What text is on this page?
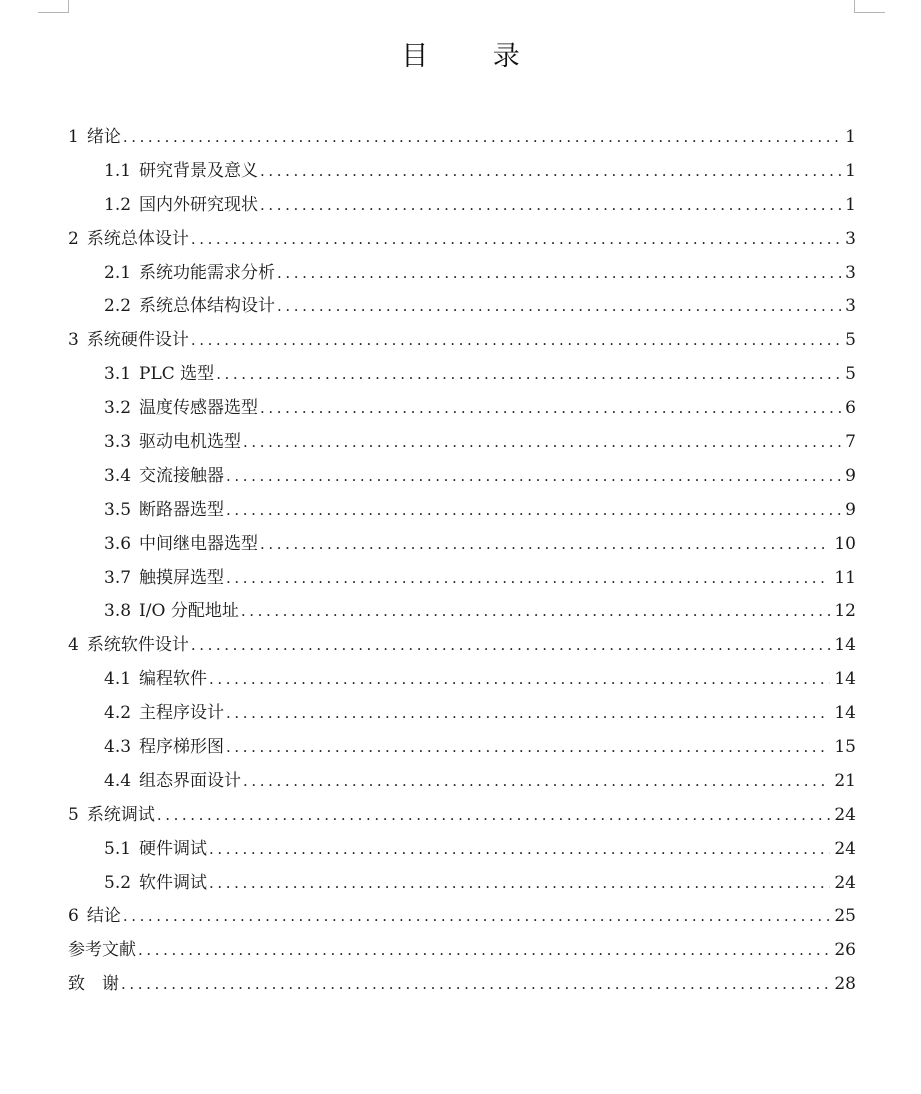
目 录
1 绪论 .....	1
1.1 研究背景及意义 .....	1
1.2 国内外研究现状 .....	1
2 系统总体设计 .....	3
2.1 系统功能需求分析 .....	3
2.2 系统总体结构设计 .....	3
3 系统硬件设计 .....	5
3.1 PLC 选型 .....	5
3.2 温度传感器选型 .....	6
3.3 驱动电机选型 .....	7
3.4 交流接触器 .....	9
3.5 断路器选型 .....	9
3.6 中间继电器选型 .....	10
3.7 触摸屏选型 .....	11
3.8 I/O 分配地址 .....	12
4 系统软件设计 .....	14
4.1 编程软件 .....	14
4.2 主程序设计 .....	14
4.3 程序梯形图 .....	15
4.4 组态界面设计 .....	21
5 系统调试 .....	24
5.1 硬件调试 .....	24
5.2 软件调试 .....	24
6 结论 .....	25
参考文献 .....	26
致　谢 .....	28
